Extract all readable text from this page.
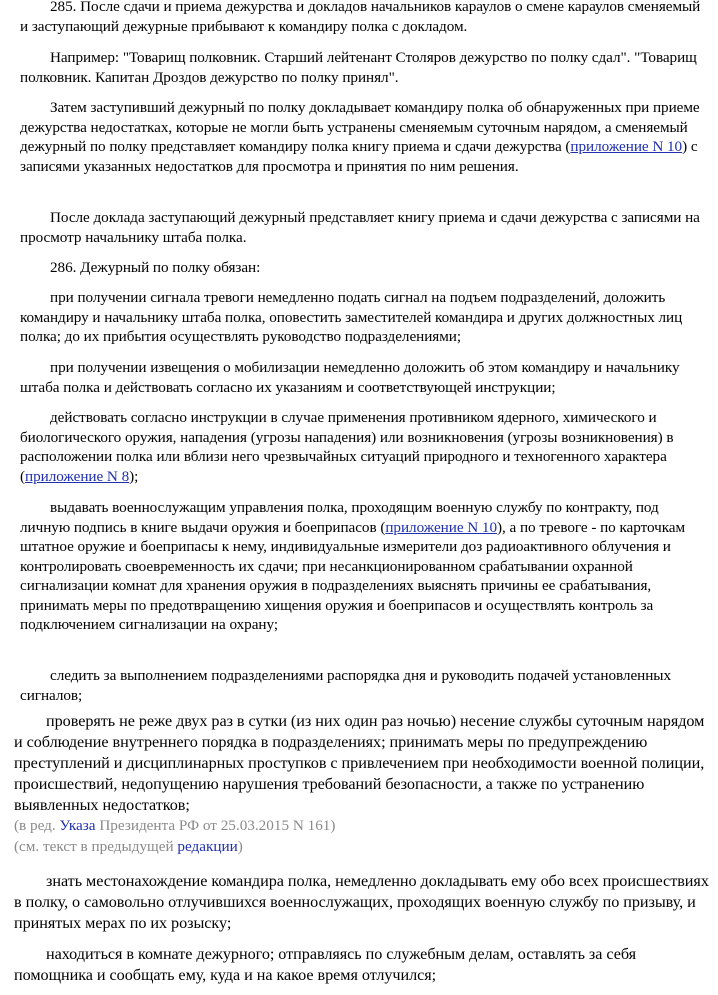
285. После сдачи и приема дежурства и докладов начальников караулов о смене караулов сменяемый и заступающий дежурные прибывают к командиру полка с докладом.

Например: "Товарищ полковник. Старший лейтенант Столяров дежурство по полку сдал". "Товарищ полковник. Капитан Дроздов дежурство по полку принял".

Затем заступивший дежурный по полку докладывает командиру полка об обнаруженных при приеме дежурства недостатках, которые не могли быть устранены сменяемым суточным нарядом, а сменяемый дежурный по полку представляет командиру полка книгу приема и сдачи дежурства (приложение N 10) с записями указанных недостатков для просмотра и принятия по ним решения.

После доклада заступающий дежурный представляет книгу приема и сдачи дежурства с записями на просмотр начальнику штаба полка.

286. Дежурный по полку обязан:

при получении сигнала тревоги немедленно подать сигнал на подъем подразделений, доложить командиру и начальнику штаба полка, оповестить заместителей командира и других должностных лиц полка; до их прибытия осуществлять руководство подразделениями;

при получении извещения о мобилизации немедленно доложить об этом командиру и начальнику штаба полка и действовать согласно их указаниям и соответствующей инструкции;

действовать согласно инструкции в случае применения противником ядерного, химического и биологического оружия, нападения (угрозы нападения) или возникновения (угрозы возникновения) в расположении полка или вблизи него чрезвычайных ситуаций природного и техногенного характера (приложение N 8);

выдавать военнослужащим управления полка, проходящим военную службу по контракту, под личную подпись в книге выдачи оружия и боеприпасов (приложение N 10), а по тревоге - по карточкам штатное оружие и боеприпасы к нему, индивидуальные измерители доз радиоактивного облучения и контролировать своевременность их сдачи; при несанкционированном срабатывании охранной сигнализации комнат для хранения оружия в подразделениях выяснять причины ее срабатывания, принимать меры по предотвращению хищения оружия и боеприпасов и осуществлять контроль за подключением сигнализации на охрану;

следить за выполнением подразделениями распорядка дня и руководить подачей установленных сигналов;

проверять не реже двух раз в сутки (из них один раз ночью) несение службы суточным нарядом и соблюдение внутреннего порядка в подразделениях; принимать меры по предупреждению преступлений и дисциплинарных проступков с привлечением при необходимости военной полиции, происшествий, недопущению нарушения требований безопасности, а также по устранению выявленных недостатков;

(в ред. Указа Президента РФ от 25.03.2015 N 161)

(см. текст в предыдущей редакции)

знать местонахождение командира полка, немедленно докладывать ему обо всех происшествиях в полку, о самовольно отлучившихся военнослужащих, проходящих военную службу по призыву, и принятых мерах по их розыску;

находиться в комнате дежурного; отправляясь по служебным делам, оставлять за себя помощника и сообщать ему, куда и на какое время отлучился;
